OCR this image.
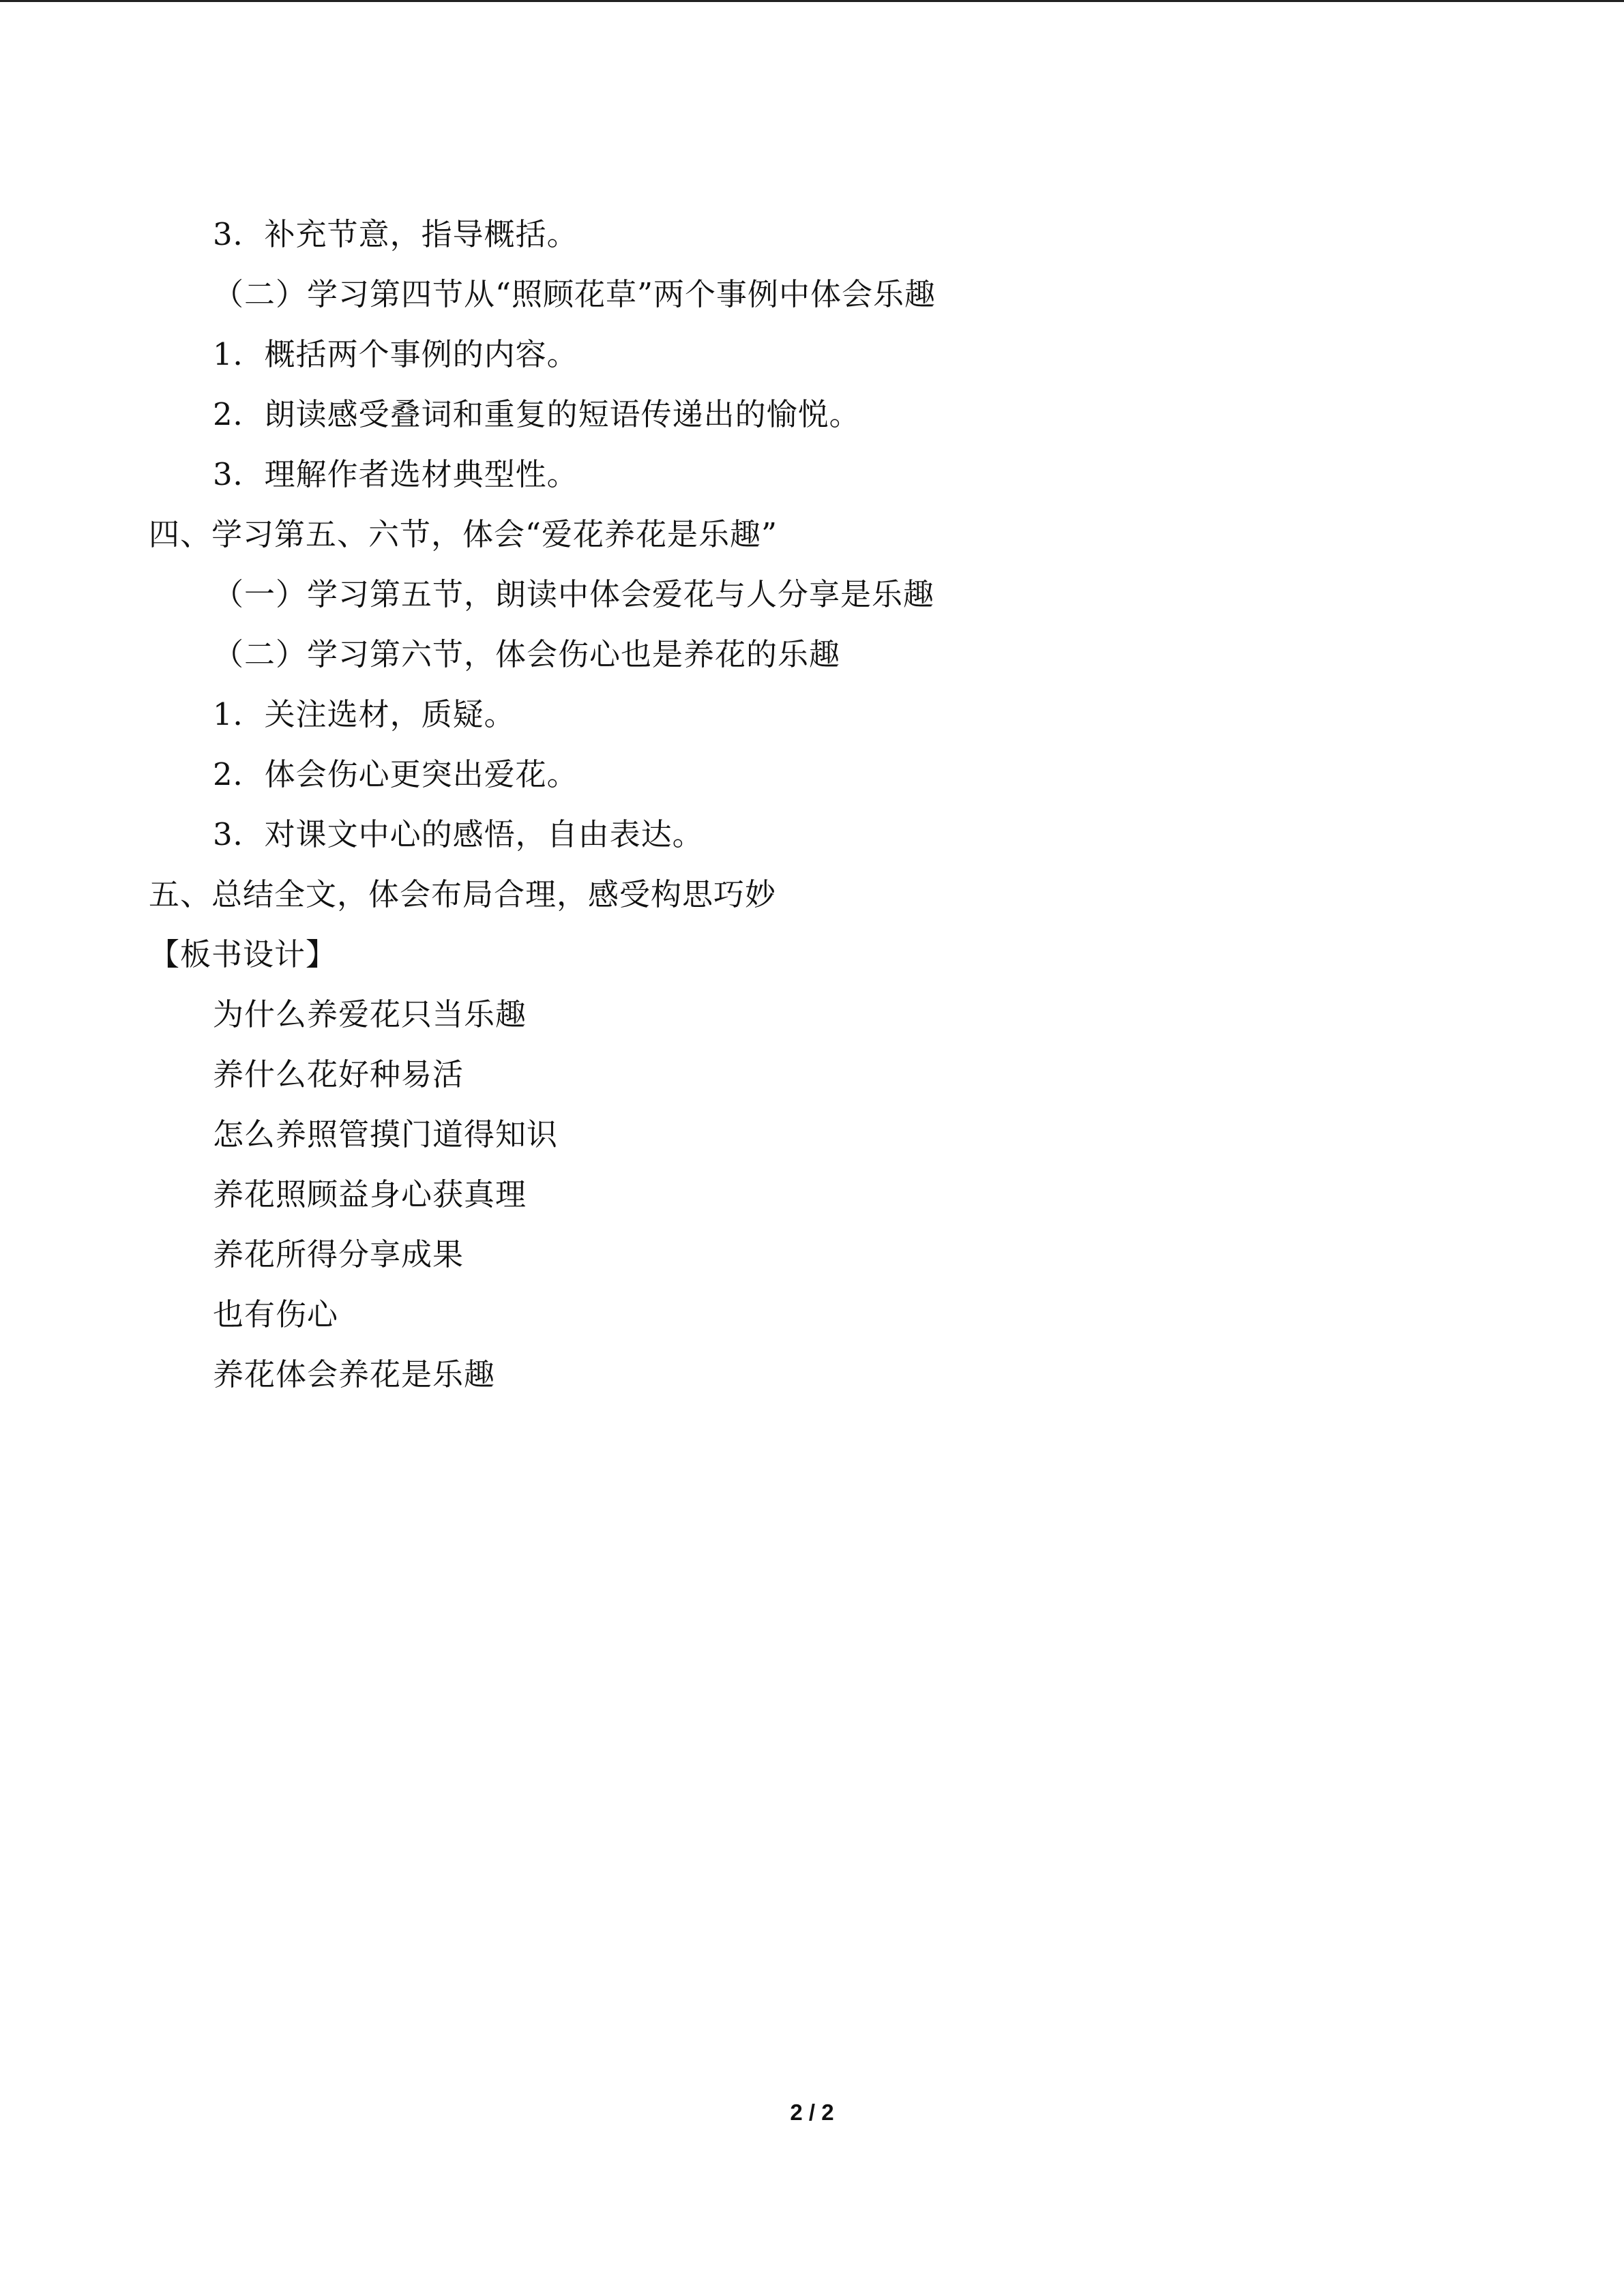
3．补充节意，指导概括。
（二）学习第四节从“照顾花草”两个事例中体会乐趣
1．概括两个事例的内容。
2．朗读感受叠词和重复的短语传递出的愉悦。
3．理解作者选材典型性。
四、学习第五、六节，体会“爱花养花是乐趣”
（一）学习第五节，朗读中体会爱花与人分享是乐趣
（二）学习第六节，体会伤心也是养花的乐趣
1．关注选材，质疑。
2．体会伤心更突出爱花。
3．对课文中心的感悟，自由表达。
五、总结全文，体会布局合理，感受构思巧妙
【板书设计】
为什么养爱花只当乐趣
养什么花好种易活
怎么养照管摸门道得知识
养花照顾益身心获真理
养花所得分享成果
也有伤心
养花体会养花是乐趣
2 / 2
